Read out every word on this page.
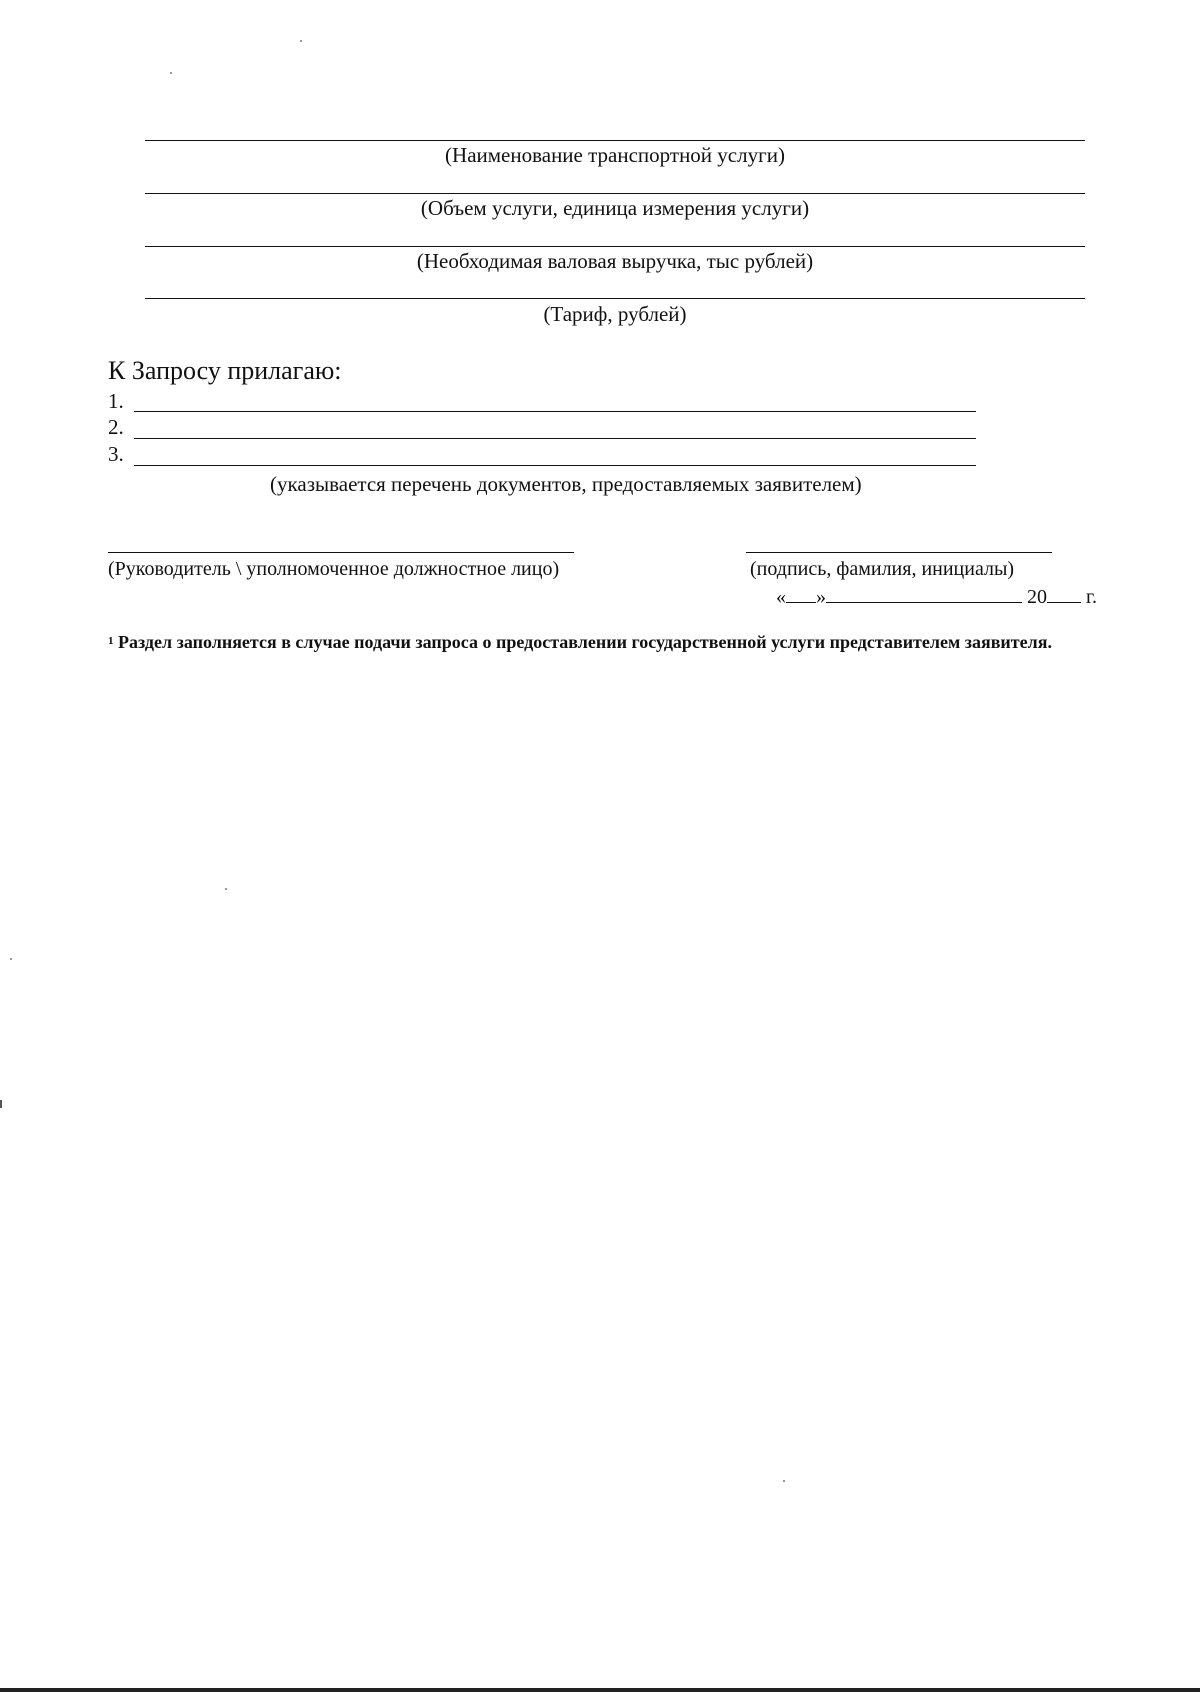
(Наименование транспортной услуги)
(Объем услуги, единица измерения услуги)
(Необходимая валовая выручка, тыс рублей)
(Тариф, рублей)
К Запросу прилагаю:
1.
2.
3.
(указывается перечень документов, предоставляемых заявителем)
(Руководитель \ уполномоченное должностное лицо)	(подпись, фамилия, инициалы)
« »	20 г.
$^1$ Раздел заполняется в случае подачи запроса о предоставлении государственной услуги представителем заявителя.
